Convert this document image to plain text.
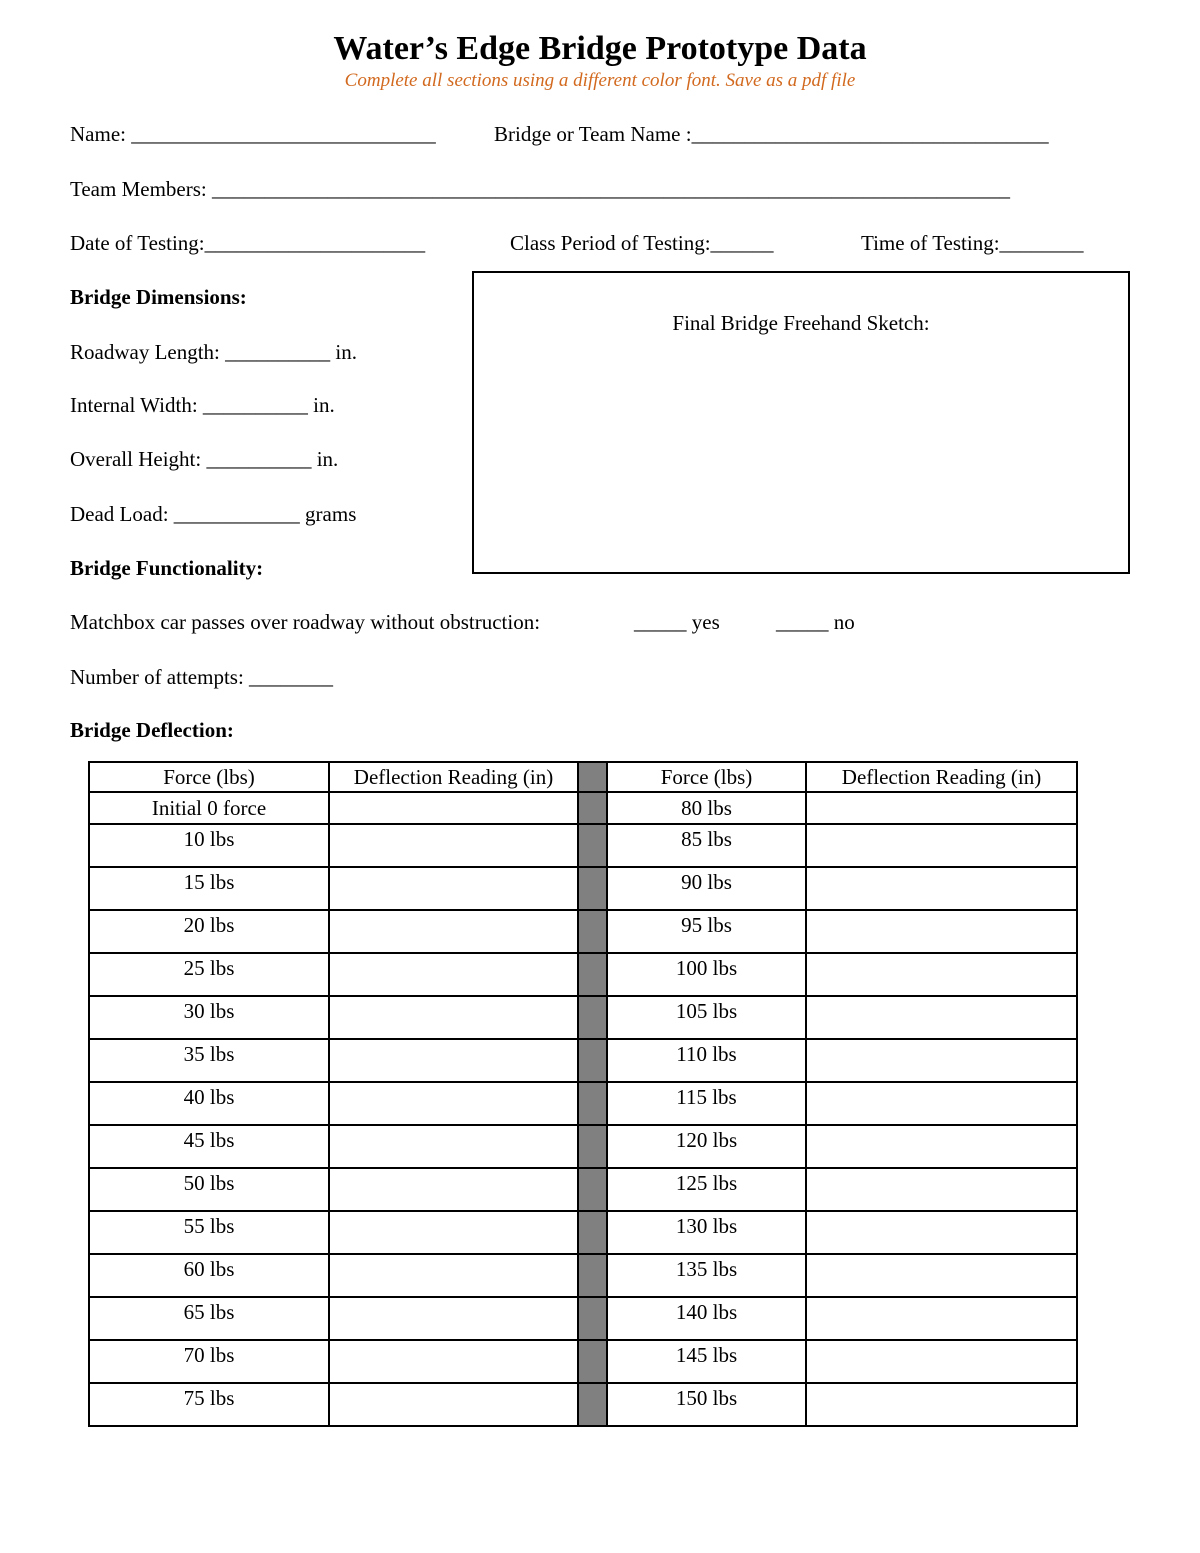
Water’s Edge Bridge Prototype Data
Complete all sections using a different color font. Save as a pdf file
Name: _____________________________	Bridge or Team Name :__________________________________
Team Members: ____________________________________________________________________________
Date of Testing:_____________________	Class Period of Testing:______	Time of Testing:________
Bridge Dimensions:
Roadway Length: __________ in.
Internal Width: __________ in.
Overall Height: __________ in.
Dead Load: ____________ grams
Final Bridge Freehand Sketch:
Bridge Functionality:
Matchbox car passes over roadway without obstruction:	_____ yes	_____ no
Number of attempts: ________
Bridge Deflection:
Force (lbs)	Deflection Reading (in)		Force (lbs)	Deflection Reading (in)
Initial 0 force			80 lbs	
10 lbs			85 lbs	
15 lbs			90 lbs	
20 lbs			95 lbs	
25 lbs			100 lbs	
30 lbs			105 lbs	
35 lbs			110 lbs	
40 lbs			115 lbs	
45 lbs			120 lbs	
50 lbs			125 lbs	
55 lbs			130 lbs	
60 lbs			135 lbs	
65 lbs			140 lbs	
70 lbs			145 lbs	
75 lbs			150 lbs	
